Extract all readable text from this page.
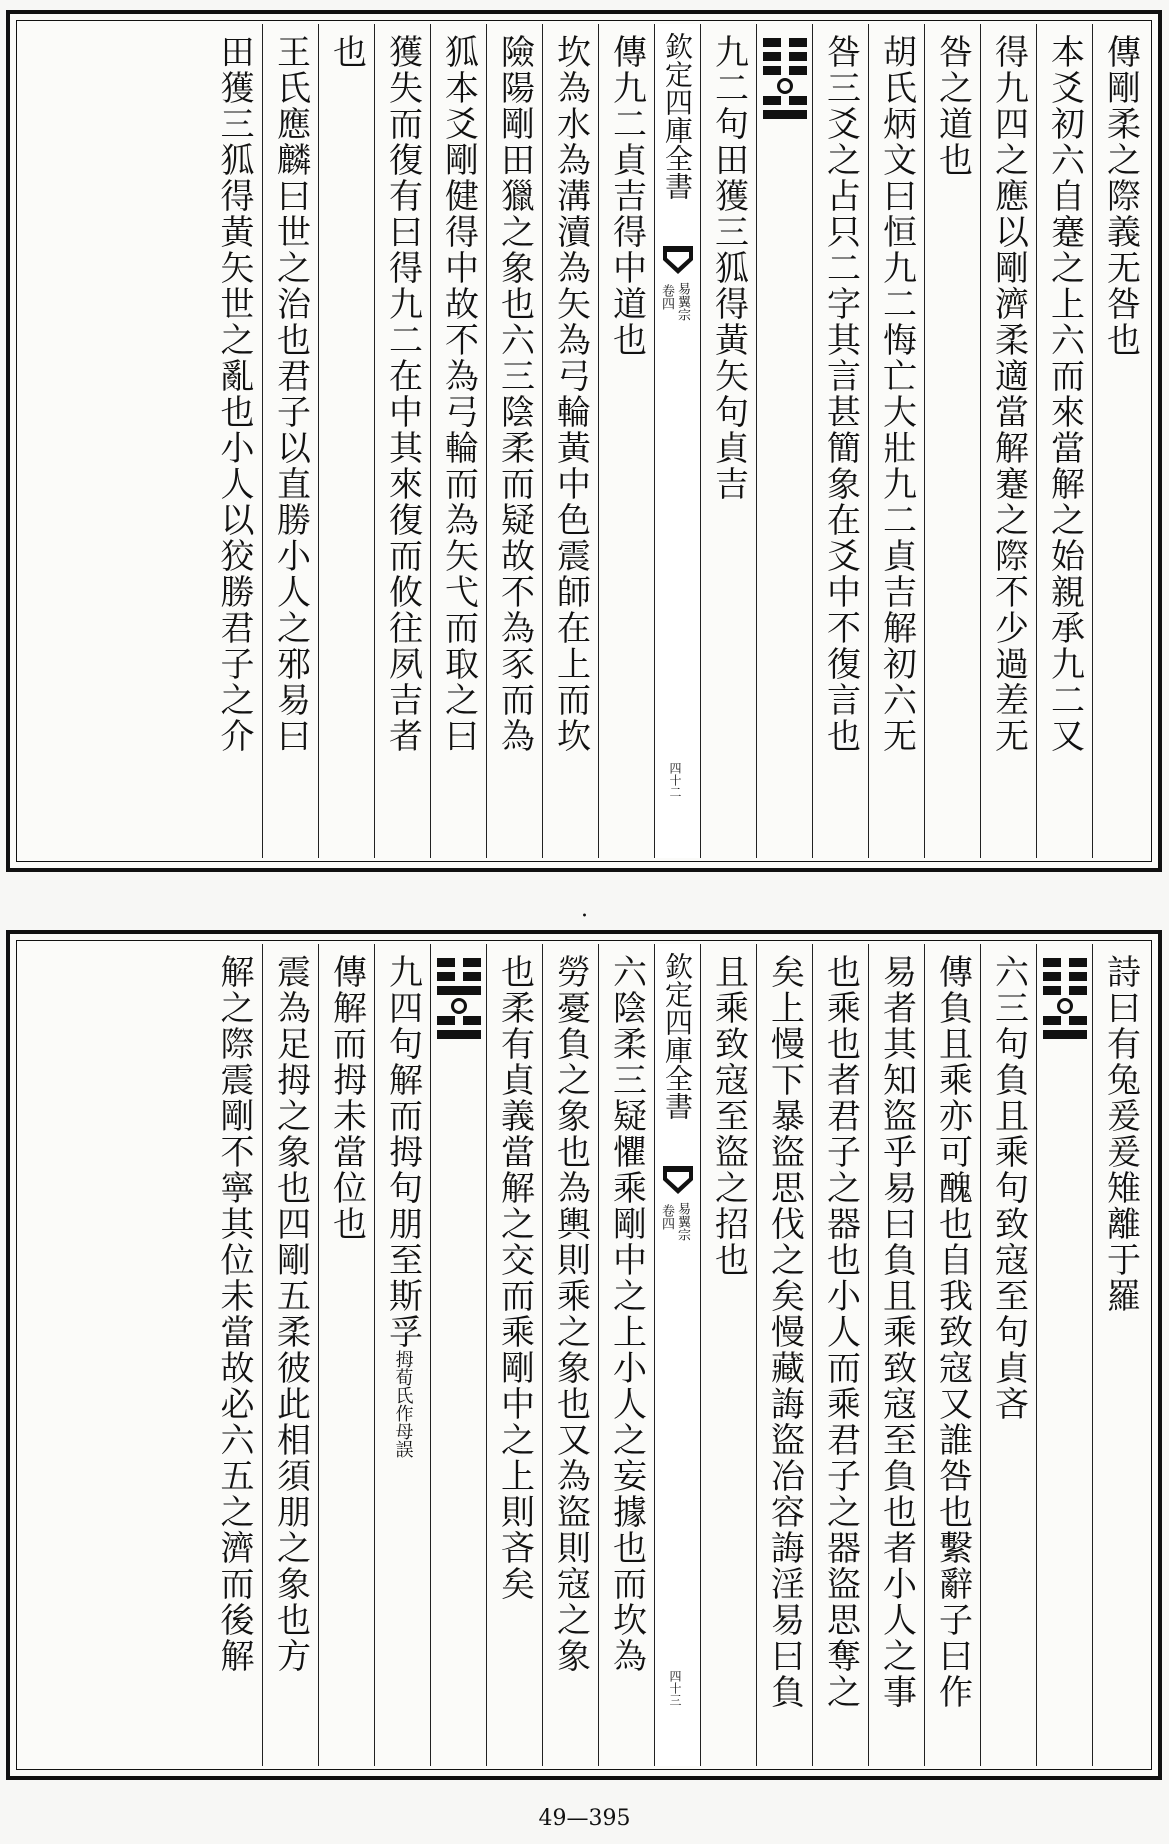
傳剛柔之際義无咎也
本爻初六自蹇之上六而來當解之始親承九二又
得九四之應以剛濟柔適當解蹇之際不少過差无
咎之道也
胡氏炳文曰恒九二悔亡大壯九二貞吉解初六无
咎三爻之占只二字其言甚簡象在爻中不復言也
九二句田獲三狐得黃矢句貞吉
欽定四庫全書
易翼宗
卷四
四十二
傳九二貞吉得中道也
坎為水為溝瀆為矢為弓輪黃中色震師在上而坎
險陽剛田獵之象也六三陰柔而疑故不為豕而為
狐本爻剛健得中故不為弓輪而為矢弋而取之曰
獲失而復有曰得九二在中其來復而攸往夙吉者
也
王氏應麟曰世之治也君子以直勝小人之邪易曰
田獲三狐得黃矢世之亂也小人以狡勝君子之介
・
詩曰有兔爰爰雉離于羅
六三句負且乘句致寇至句貞吝
傳負且乘亦可醜也自我致寇又誰咎也繫辭子曰作
易者其知盜乎易曰負且乘致寇至負也者小人之事
也乘也者君子之器也小人而乘君子之器盜思奪之
矣上慢下暴盜思伐之矣慢藏誨盜冶容誨淫易曰負
且乘致寇至盜之招也
欽定四庫全書
易翼宗
卷四
四十三
六陰柔三疑懼乘剛中之上小人之妄據也而坎為
勞憂負之象也為輿則乘之象也又為盜則寇之象
也柔有貞義當解之交而乘剛中之上則吝矣
九四句解而拇句朋至斯孚拇荀氏作母誤
傳解而拇未當位也
震為足拇之象也四剛五柔彼此相須朋之象也方
解之際震剛不寧其位未當故必六五之濟而後解
49—395
